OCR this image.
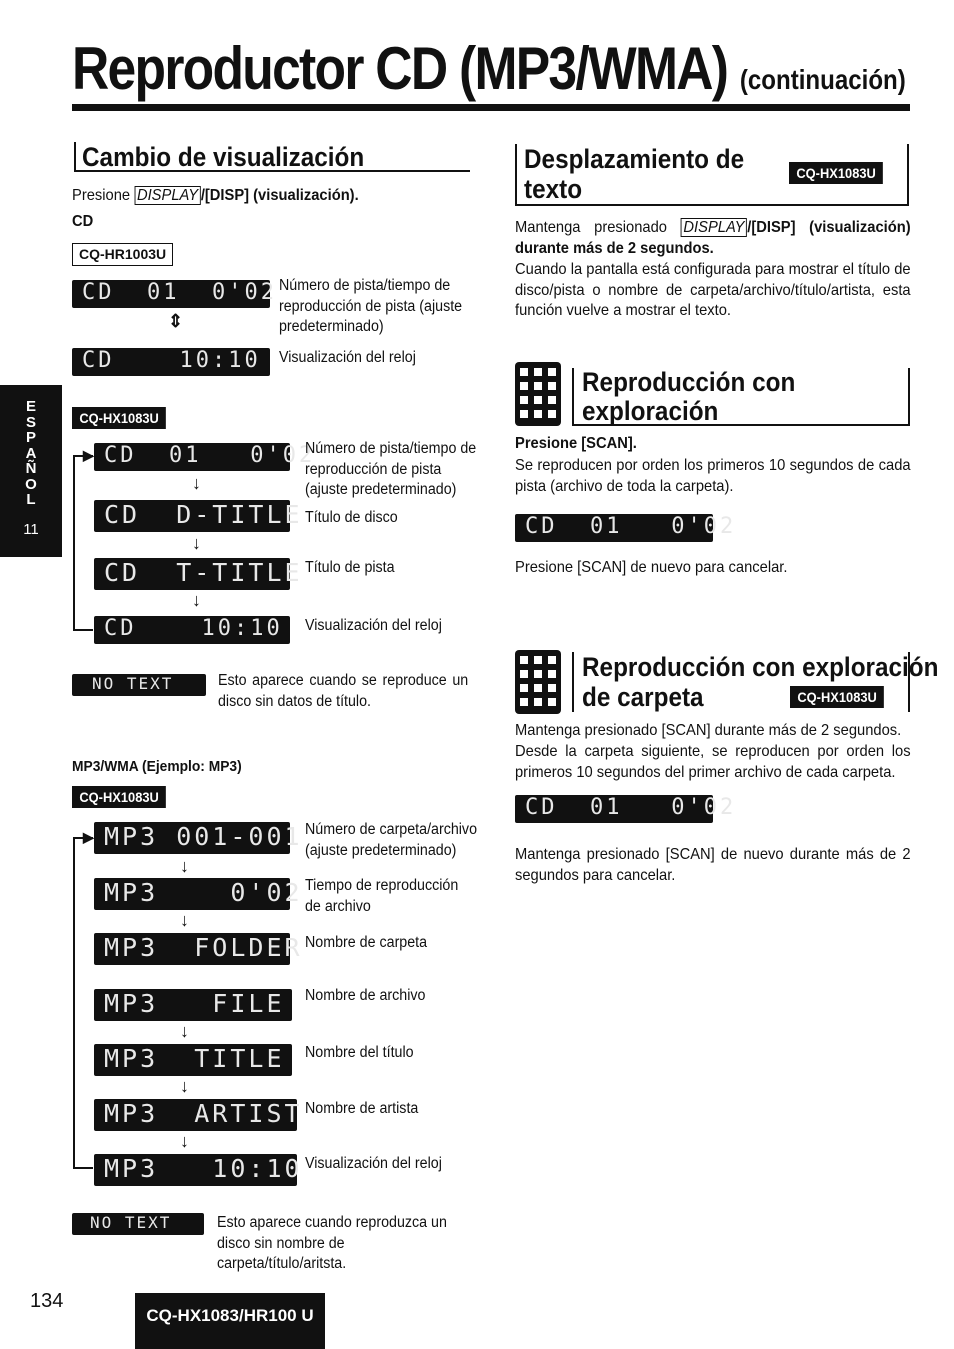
Reproductor CD (MP3/WMA) (continuación)
E
S
P
A
Ñ
O
L
11
Cambio de visualización
Presione DISPLAY /[DISP] (visualización).
CD
CQ-HR1003U
CD  01  0'02 Número de pista/tiempo de reproducción de pista (ajuste predeterminado)
⇕
CD    10:10	Visualización del reloj
CQ-HX1083U
▶ CD  01   0'02
Número de pista/tiempo de reproducción de pista (ajuste predeterminado)
↓
CD  D-TITLE Título de disco
↓
CD  T-TITLE Título de pista
↓
CD    10:10	Visualización del reloj
NO TEXT	Esto aparece cuando se reproduce un disco sin datos de título.
MP3/WMA (Ejemplo: MP3)
CQ-HX1083U
▶ MP3 001-001 Número de carpeta/archivo (ajuste predeterminado)
↓
MP3    0'02 Tiempo de reproducción de archivo
↓
MP3  FOLDER Nombre de carpeta
MP3   FILE	Nombre de archivo
↓
MP3  TITLE	Nombre del título
↓
MP3  ARTIST Nombre de artista
↓
MP3   10:10 Visualización del reloj
NO TEXT	Esto aparece cuando reproduzca un disco sin nombre de carpeta/título/aritsta.
Desplazamiento de
texto
CQ-HX1083U
Mantenga presionado DISPLAY /[DISP] (visualización) durante más de 2 segundos.
Cuando la pantalla está configurada para mostrar el título de disco/pista o nombre de carpeta/archivo/título/artista, esta función vuelve a mostrar el texto.
Reproducción con
exploración
Presione [SCAN].
Se reproducen por orden los primeros 10 segundos de cada pista (archivo de toda la carpeta).
CD  01   0'02
Presione [SCAN] de nuevo para cancelar.
Reproducción con exploración
de carpeta	CQ-HX1083U
Mantenga presionado [SCAN] durante más de 2 segundos.
Desde la carpeta siguiente, se reproducen por orden los primeros 10 segundos del primer archivo de cada carpeta.
CD  01   0'02
Mantenga presionado [SCAN] de nuevo durante más de 2 segundos para cancelar.
134
CQ-HX1083/HR100 U
